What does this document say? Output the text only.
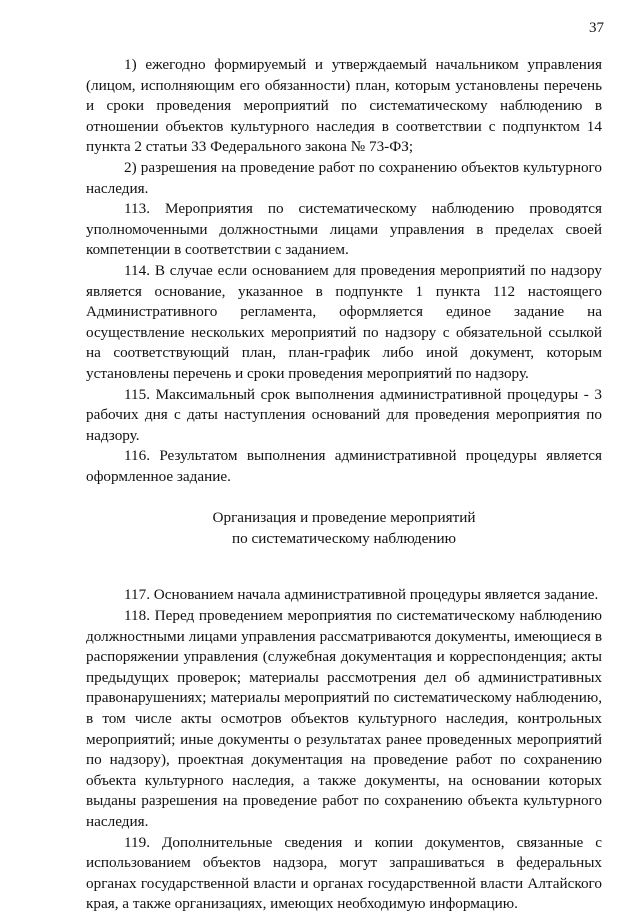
37

1) ежегодно формируемый и утверждаемый начальником управления (лицом, исполняющим его обязанности) план, которым установлены перечень и сроки проведения мероприятий по систематическому наблюдению в отношении объектов культурного наследия в соответствии с подпунктом 14 пункта 2 статьи 33 Федерального закона № 73-ФЗ;

2) разрешения на проведение работ по сохранению объектов культурного наследия.

113. Мероприятия по систематическому наблюдению проводятся уполномоченными должностными лицами управления в пределах своей компетенции в соответствии с заданием.

114. В случае если основанием для проведения мероприятий по надзору является основание, указанное в подпункте 1 пункта 112 настоящего Административного регламента, оформляется единое задание на осуществление нескольких мероприятий по надзору с обязательной ссылкой на соответствующий план, план-график либо иной документ, которым установлены перечень и сроки проведения мероприятий по надзору.

115. Максимальный срок выполнения административной процедуры - 3 рабочих дня с даты наступления оснований для проведения мероприятия по надзору.

116. Результатом выполнения административной процедуры является оформленное задание.

Организация и проведение мероприятий
по систематическому наблюдению

117. Основанием начала административной процедуры является задание.

118. Перед проведением мероприятия по систематическому наблюдению должностными лицами управления рассматриваются документы, имеющиеся в распоряжении управления (служебная документация и корреспонденция; акты предыдущих проверок; материалы рассмотрения дел об административных правонарушениях; материалы мероприятий по систематическому наблюдению, в том числе акты осмотров объектов культурного наследия, контрольных мероприятий; иные документы о результатах ранее проведенных мероприятий по надзору), проектная документация на проведение работ по сохранению объекта культурного наследия, а также документы, на основании которых выданы разрешения на проведение работ по сохранению объекта культурного наследия.

119. Дополнительные сведения и копии документов, связанные с использованием объектов надзора, могут запрашиваться в федеральных органах государственной власти и органах государственной власти Алтайского края, а также организациях, имеющих необходимую информацию.
